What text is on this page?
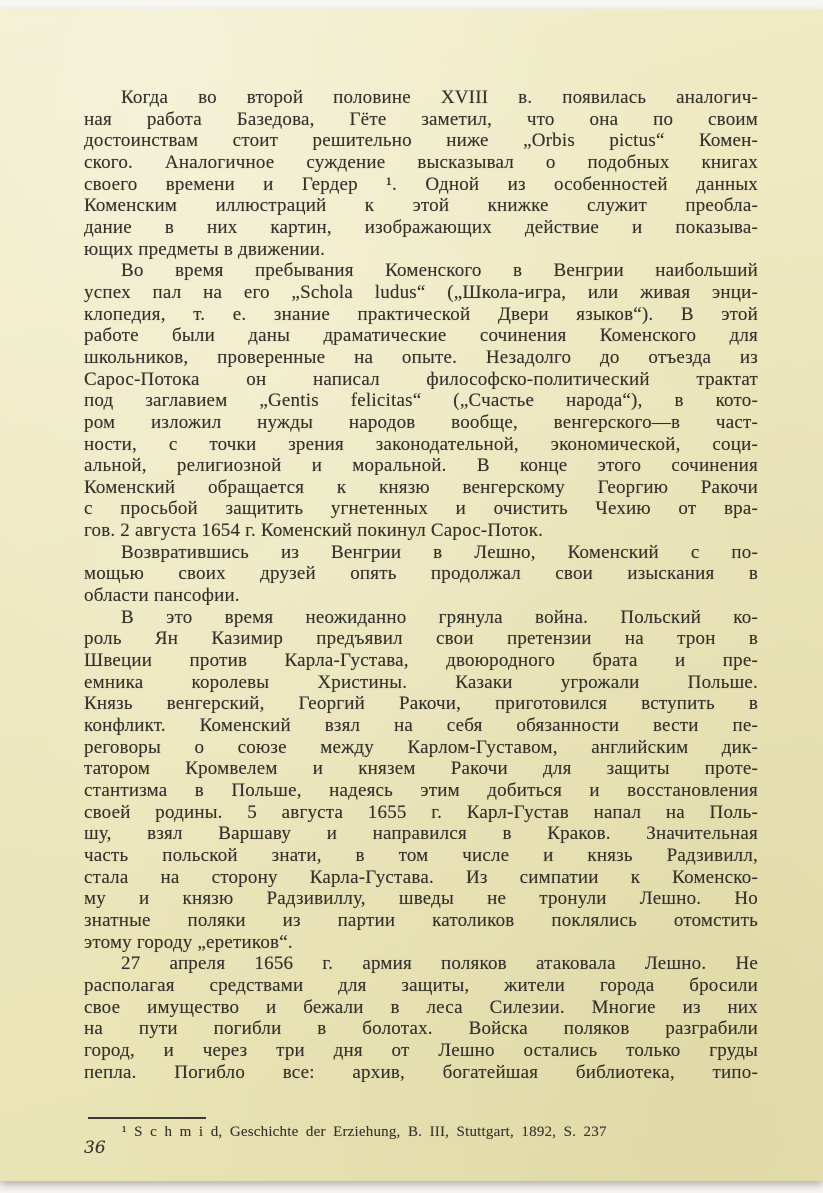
Когда во второй половине XVIII в. появилась аналогич-
ная работа Базедова, Гёте заметил, что она по своим
достоинствам стоит решительно ниже „Orbis pictus“ Комен-
ского. Аналогичное суждение высказывал о подобных книгах
своего времени и Гердер ¹. Одной из особенностей данных
Коменским иллюстраций к этой книжке служит преобла-
дание в них картин, изображающих действие и показыва-
ющих предметы в движении.
Во время пребывания Коменского в Венгрии наибольший
успех пал на его „Schola ludus“ („Школа-игра, или живая энци-
клопедия, т. е. знание практической Двери языков“). В этой
работе были даны драматические сочинения Коменского для
школьников, проверенные на опыте. Незадолго до отъезда из
Сарос-Потока он написал философско-политический трактат
под заглавием „Gentis felicitas“ („Счастье народа“), в кото-
ром изложил нужды народов вообще, венгерского—в част-
ности, с точки зрения законодательной, экономической, соци-
альной, религиозной и моральной. В конце этого сочинения
Коменский обращается к князю венгерскому Георгию Ракочи
с просьбой защитить угнетенных и очистить Чехию от вра-
гов. 2 августа 1654 г. Коменский покинул Сарос-Поток.
Возвратившись из Венгрии в Лешно, Коменский с по-
мощью своих друзей опять продолжал свои изыскания в
области пансофии.
В это время неожиданно грянула война. Польский ко-
роль Ян Казимир предъявил свои претензии на трон в
Швеции против Карла-Густава, двоюродного брата и пре-
емника королевы Христины. Казаки угрожали Польше.
Князь венгерский, Георгий Ракочи, приготовился вступить в
конфликт. Коменский взял на себя обязанности вести пе-
реговоры о союзе между Карлом-Густавом, английским дик-
татором Кромвелем и князем Ракочи для защиты проте-
стантизма в Польше, надеясь этим добиться и восстановления
своей родины. 5 августа 1655 г. Карл-Густав напал на Поль-
шу, взял Варшаву и направился в Краков. Значительная
часть польской знати, в том числе и князь Радзивилл,
стала на сторону Карла-Густава. Из симпатии к Коменско-
му и князю Радзивиллу, шведы не тронули Лешно. Но
знатные поляки из партии католиков поклялись отомстить
этому городу „еретиков“.
27 апреля 1656 г. армия поляков атаковала Лешно. Не
располагая средствами для защиты, жители города бросили
свое имущество и бежали в леса Силезии. Многие из них
на пути погибли в болотах. Войска поляков разграбили
город, и через три дня от Лешно остались только груды
пепла. Погибло все: архив, богатейшая библиотека, типо-
¹ S c h m i d, Geschichte der Erziehung, B. III, Stuttgart, 1892, S. 237
36
